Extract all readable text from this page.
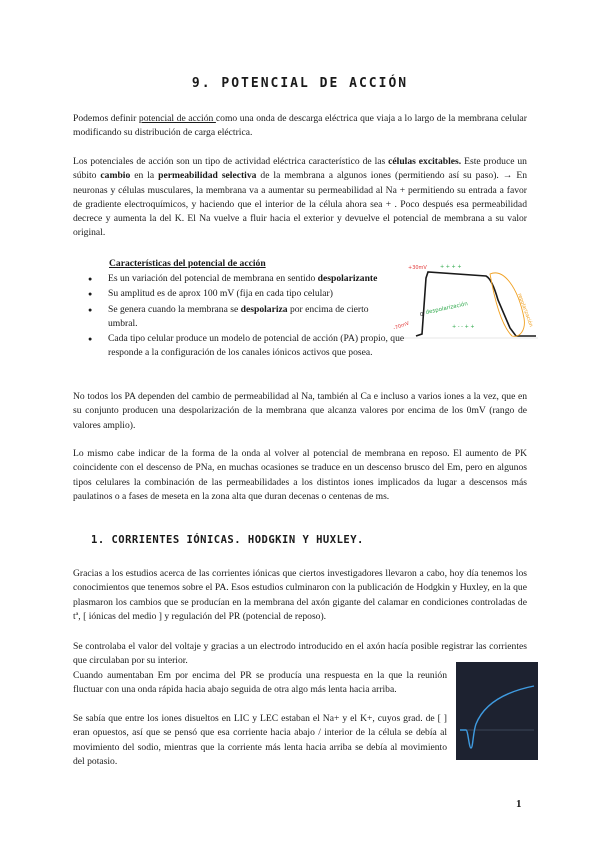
9. POTENCIAL DE ACCIÓN

Podemos definir potencial de acción como una onda de descarga eléctrica que viaja a lo largo de la membrana celular modificando su distribución de carga eléctrica.

Los potenciales de acción son un tipo de actividad eléctrica característico de las células excitables. Este produce un súbito cambio en la permeabilidad selectiva de la membrana a algunos iones (permitiendo así su paso). → En neuronas y células musculares, la membrana va a aumentar su permeabilidad al Na + permitiendo su entrada a favor de gradiente electroquímicos, y haciendo que el interior de la célula ahora sea + . Poco después esa permeabilidad decrece y aumenta la del K. El Na vuelve a fluir hacia el exterior y devuelve el potencial de membrana a su valor original.

Características del potencial de acción
● Es un variación del potencial de membrana en sentido despolarizante
● Su amplitud es de aprox 100 mV (fija en cada tipo celular)
● Se genera cuando la membrana se despolariza por encima de cierto umbral.
● Cada tipo celular produce un modelo de potencial de acción (PA) propio, que responde a la configuración de los canales iónicos activos que posea.
+30mV	+ + + +
despolarización
0
+ - - + +
-70mV	repolarización

No todos los PA dependen del cambio de permeabilidad al Na, también al Ca e incluso a varios iones a la vez, que en su conjunto producen una despolarización de la membrana que alcanza valores por encima de los 0mV (rango de valores amplio).

Lo mismo cabe indicar de la forma de la onda al volver al potencial de membrana en reposo. El aumento de PK coincidente con el descenso de PNa, en muchas ocasiones se traduce en un descenso brusco del Em, pero en algunos tipos celulares la combinación de las permeabilidades a los distintos iones implicados da lugar a descensos más paulatinos o a fases de meseta en la zona alta que duran decenas o centenas de ms.

1. CORRIENTES IÓNICAS. HODGKIN Y HUXLEY.

Gracias a los estudios acerca de las corrientes iónicas que ciertos investigadores llevaron a cabo, hoy día tenemos los conocimientos que tenemos sobre el PA. Esos estudios culminaron con la publicación de Hodgkin y Huxley, en la que plasmaron los cambios que se producían en la membrana del axón gigante del calamar en condiciones controladas de tª, [ iónicas del medio ] y regulación del PR (potencial de reposo).

Se controlaba el valor del voltaje y gracias a un electrodo introducido en el axón hacía posible registrar las corrientes que circulaban por su interior.

Cuando aumentaban Em por encima del PR se producía una respuesta en la que la reunión fluctuar con una onda rápida hacia abajo seguida de otra algo más lenta hacia arriba.

Se sabía que entre los iones disueltos en LIC y LEC estaban el Na+ y el K+, cuyos grad. de [ ] eran opuestos, así que se pensó que esa corriente hacia abajo / interior de la célula se debía al movimiento del sodio, mientras que la corriente más lenta hacia arriba se debía al movimiento del potasio.

1
